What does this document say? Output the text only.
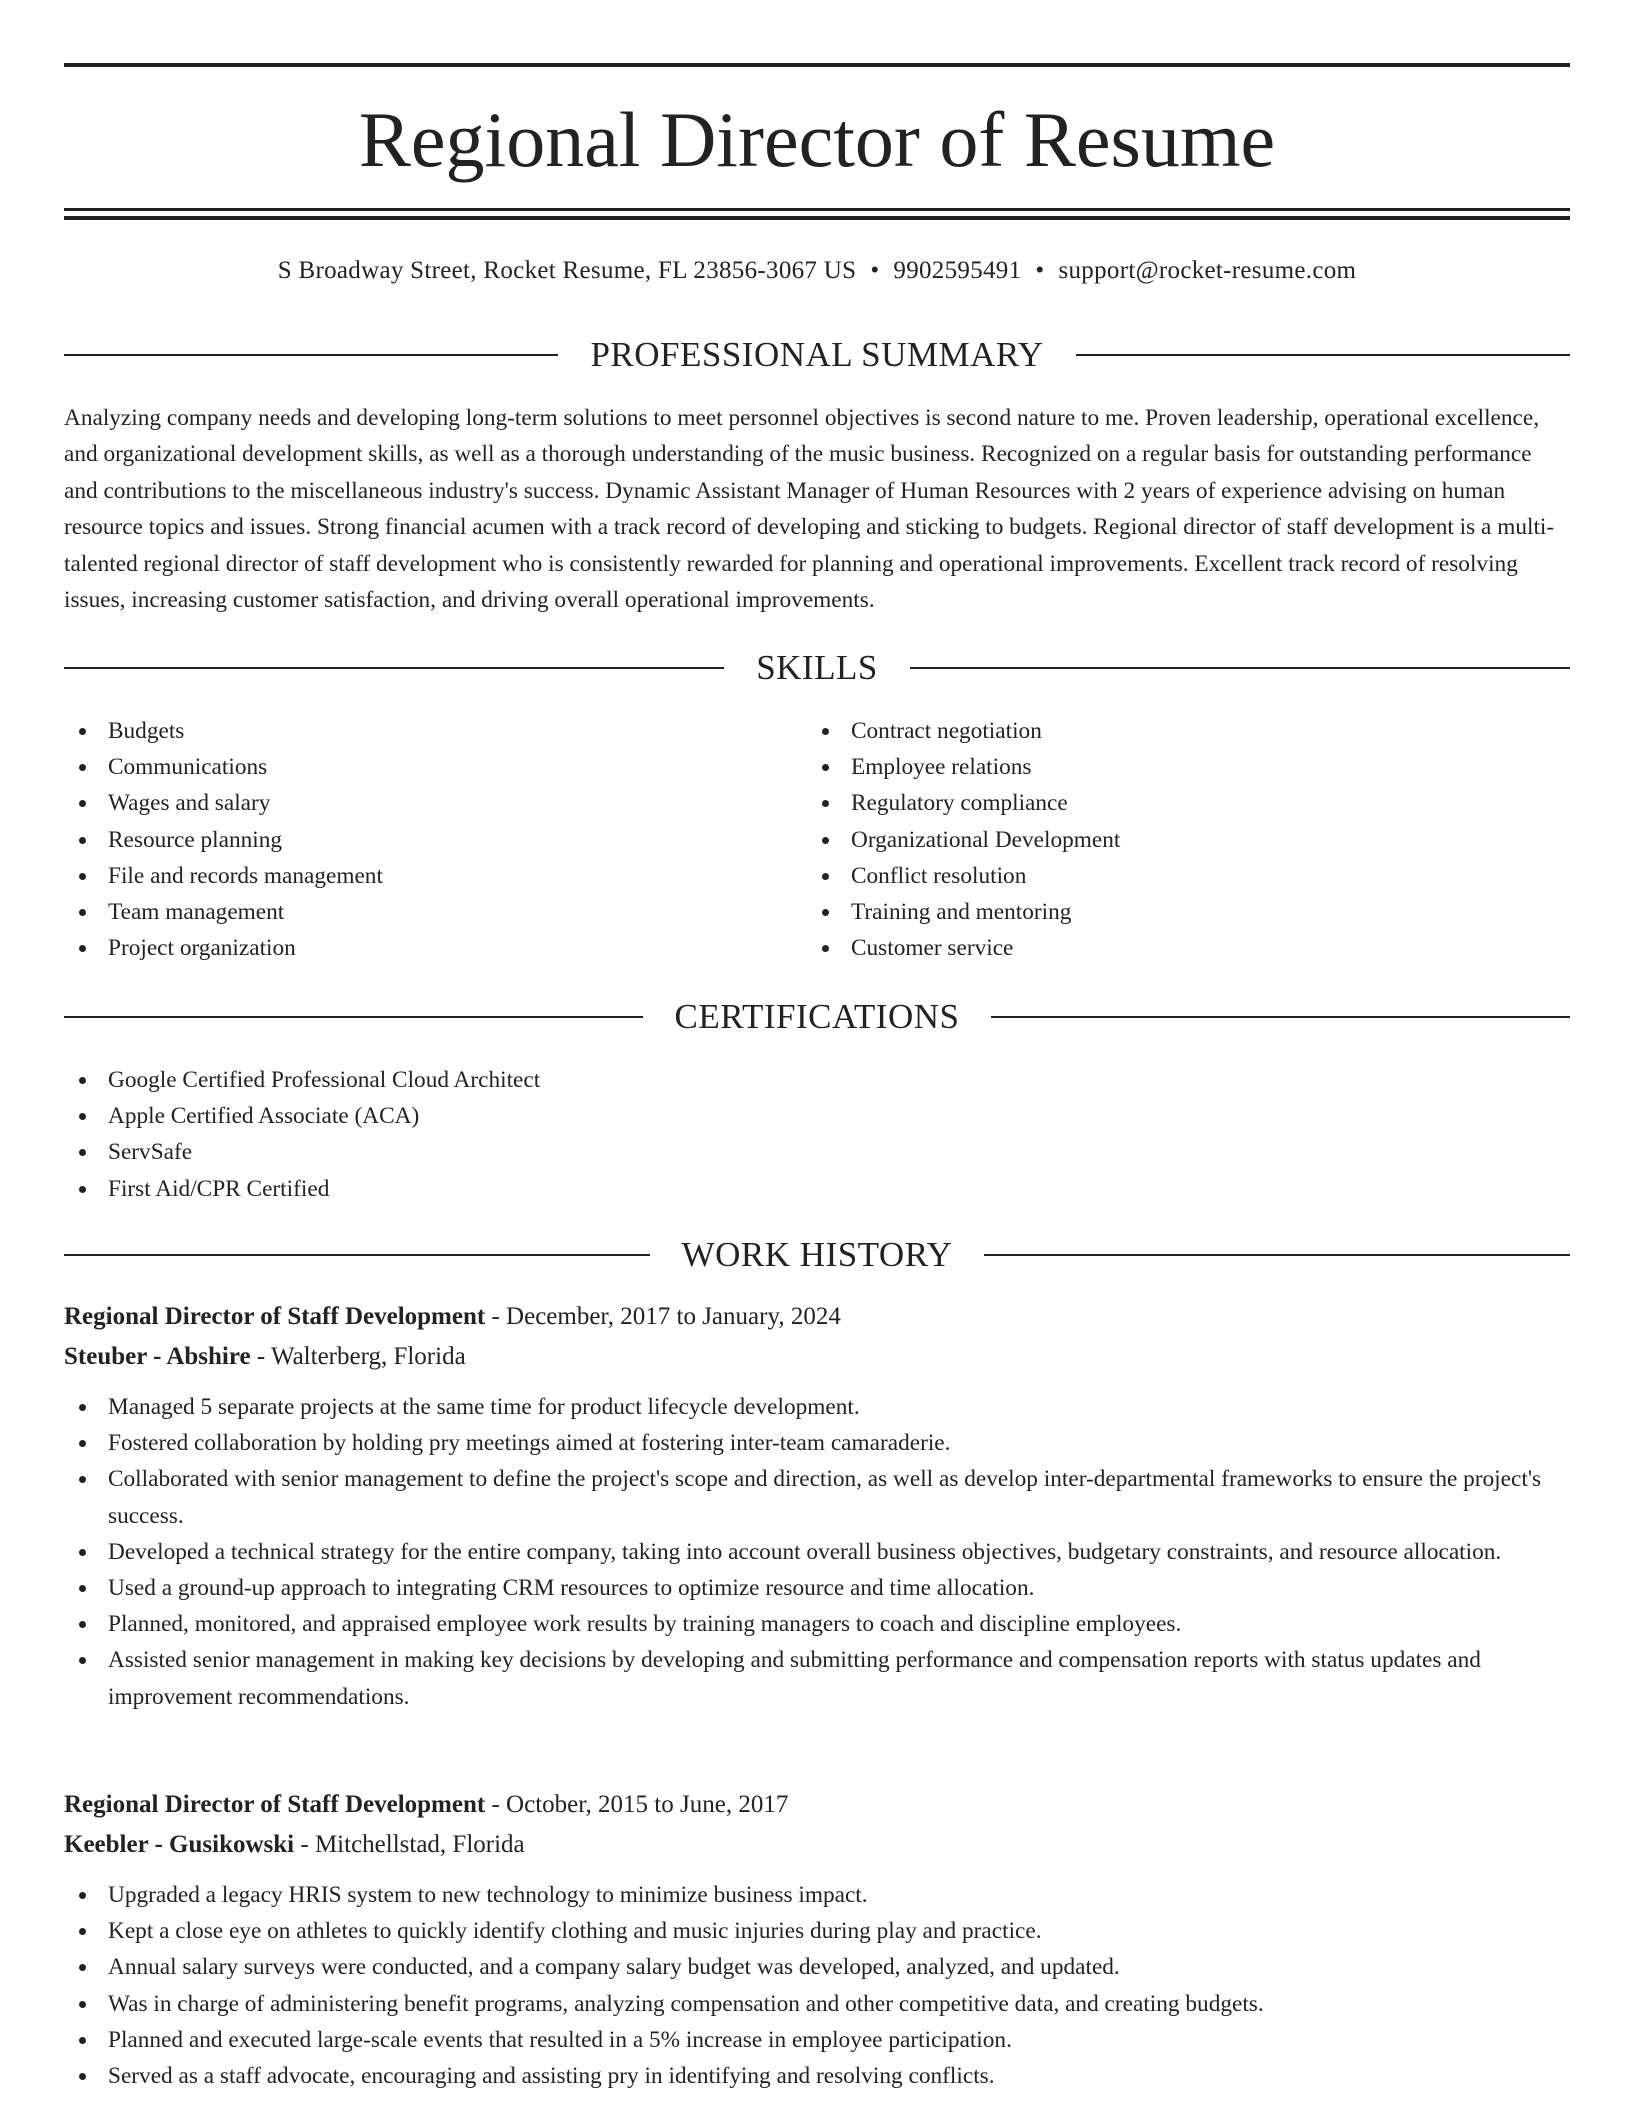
Regional Director of Resume
S Broadway Street, Rocket Resume, FL 23856-3067 US • 9902595491 • support@rocket-resume.com
PROFESSIONAL SUMMARY

Analyzing company needs and developing long-term solutions to meet personnel objectives is second nature to me. Proven leadership, operational excellence, and organizational development skills, as well as a thorough understanding of the music business. Recognized on a regular basis for outstanding performance and contributions to the miscellaneous industry's success. Dynamic Assistant Manager of Human Resources with 2 years of experience advising on human resource topics and issues. Strong financial acumen with a track record of developing and sticking to budgets. Regional director of staff development is a multi-talented regional director of staff development who is consistently rewarded for planning and operational improvements. Excellent track record of resolving issues, increasing customer satisfaction, and driving overall operational improvements.

SKILLS
Budgets
Communications
Wages and salary
Resource planning
File and records management
Team management
Project organization
Contract negotiation
Employee relations
Regulatory compliance
Organizational Development
Conflict resolution
Training and mentoring
Customer service
CERTIFICATIONS
Google Certified Professional Cloud Architect
Apple Certified Associate (ACA)
ServSafe
First Aid/CPR Certified
WORK HISTORY

Regional Director of Staff Development - December, 2017 to January, 2024

Steuber - Abshire - Walterberg, Florida

Managed 5 separate projects at the same time for product lifecycle development.
Fostered collaboration by holding pry meetings aimed at fostering inter-team camaraderie.
Collaborated with senior management to define the project's scope and direction, as well as develop inter-departmental frameworks to ensure the project's success.
Developed a technical strategy for the entire company, taking into account overall business objectives, budgetary constraints, and resource allocation.
Used a ground-up approach to integrating CRM resources to optimize resource and time allocation.
Planned, monitored, and appraised employee work results by training managers to coach and discipline employees.
Assisted senior management in making key decisions by developing and submitting performance and compensation reports with status updates and improvement recommendations.

Regional Director of Staff Development - October, 2015 to June, 2017

Keebler - Gusikowski - Mitchellstad, Florida

Upgraded a legacy HRIS system to new technology to minimize business impact.
Kept a close eye on athletes to quickly identify clothing and music injuries during play and practice.
Annual salary surveys were conducted, and a company salary budget was developed, analyzed, and updated.
Was in charge of administering benefit programs, analyzing compensation and other competitive data, and creating budgets.
Planned and executed large-scale events that resulted in a 5% increase in employee participation.
Served as a staff advocate, encouraging and assisting pry in identifying and resolving conflicts.
